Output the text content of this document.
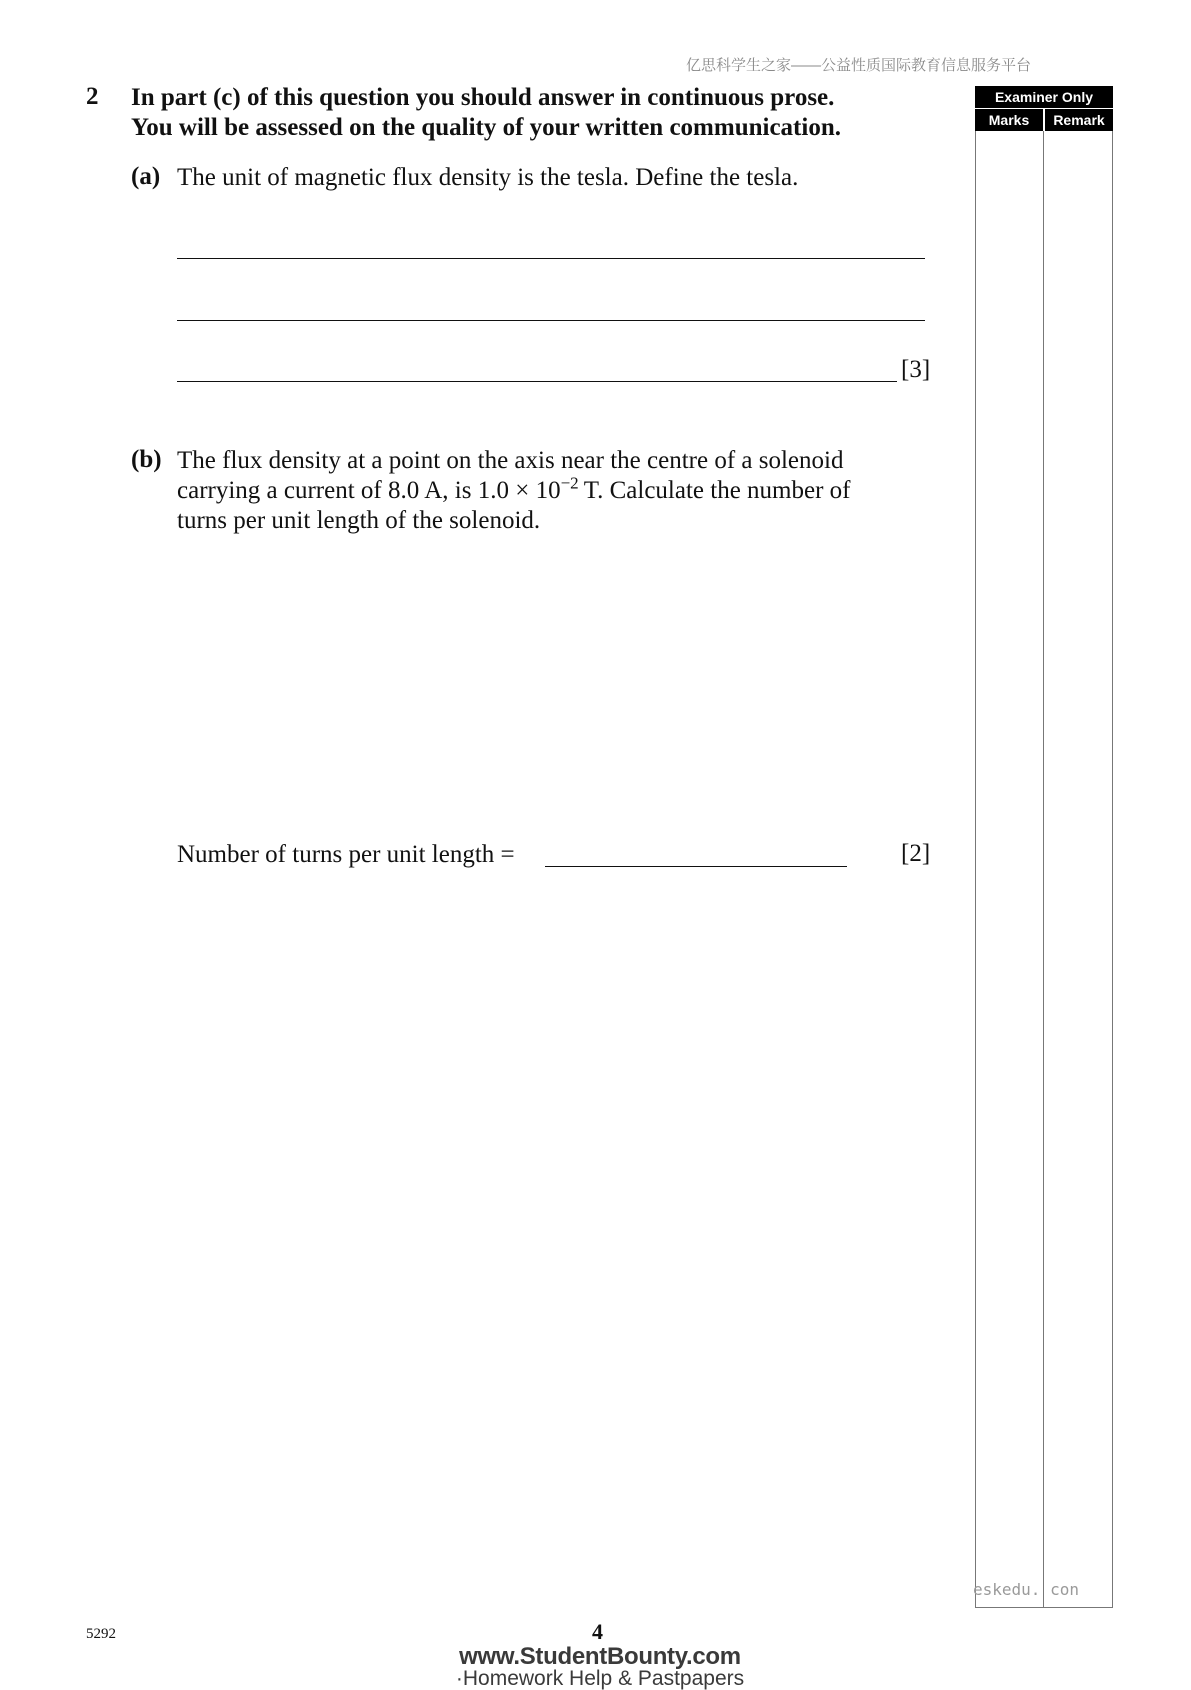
亿思科学生之家——公益性质国际教育信息服务平台
2 In part (c) of this question you should answer in continuous prose.
You will be assessed on the quality of your written communication.
(a) The unit of magnetic flux density is the tesla. Define the tesla.
[3]
(b) The flux density at a point on the axis near the centre of a solenoid
carrying a current of 8.0 A, is $1.0 \times 10^{-2}$ T. Calculate the number of
turns per unit length of the solenoid.
Number of turns per unit length =	[2]
Examiner Only
Marks	Remark
eskedu. con
5292	4
www.StudentBounty.com
·Homework Help & Pastpapers
